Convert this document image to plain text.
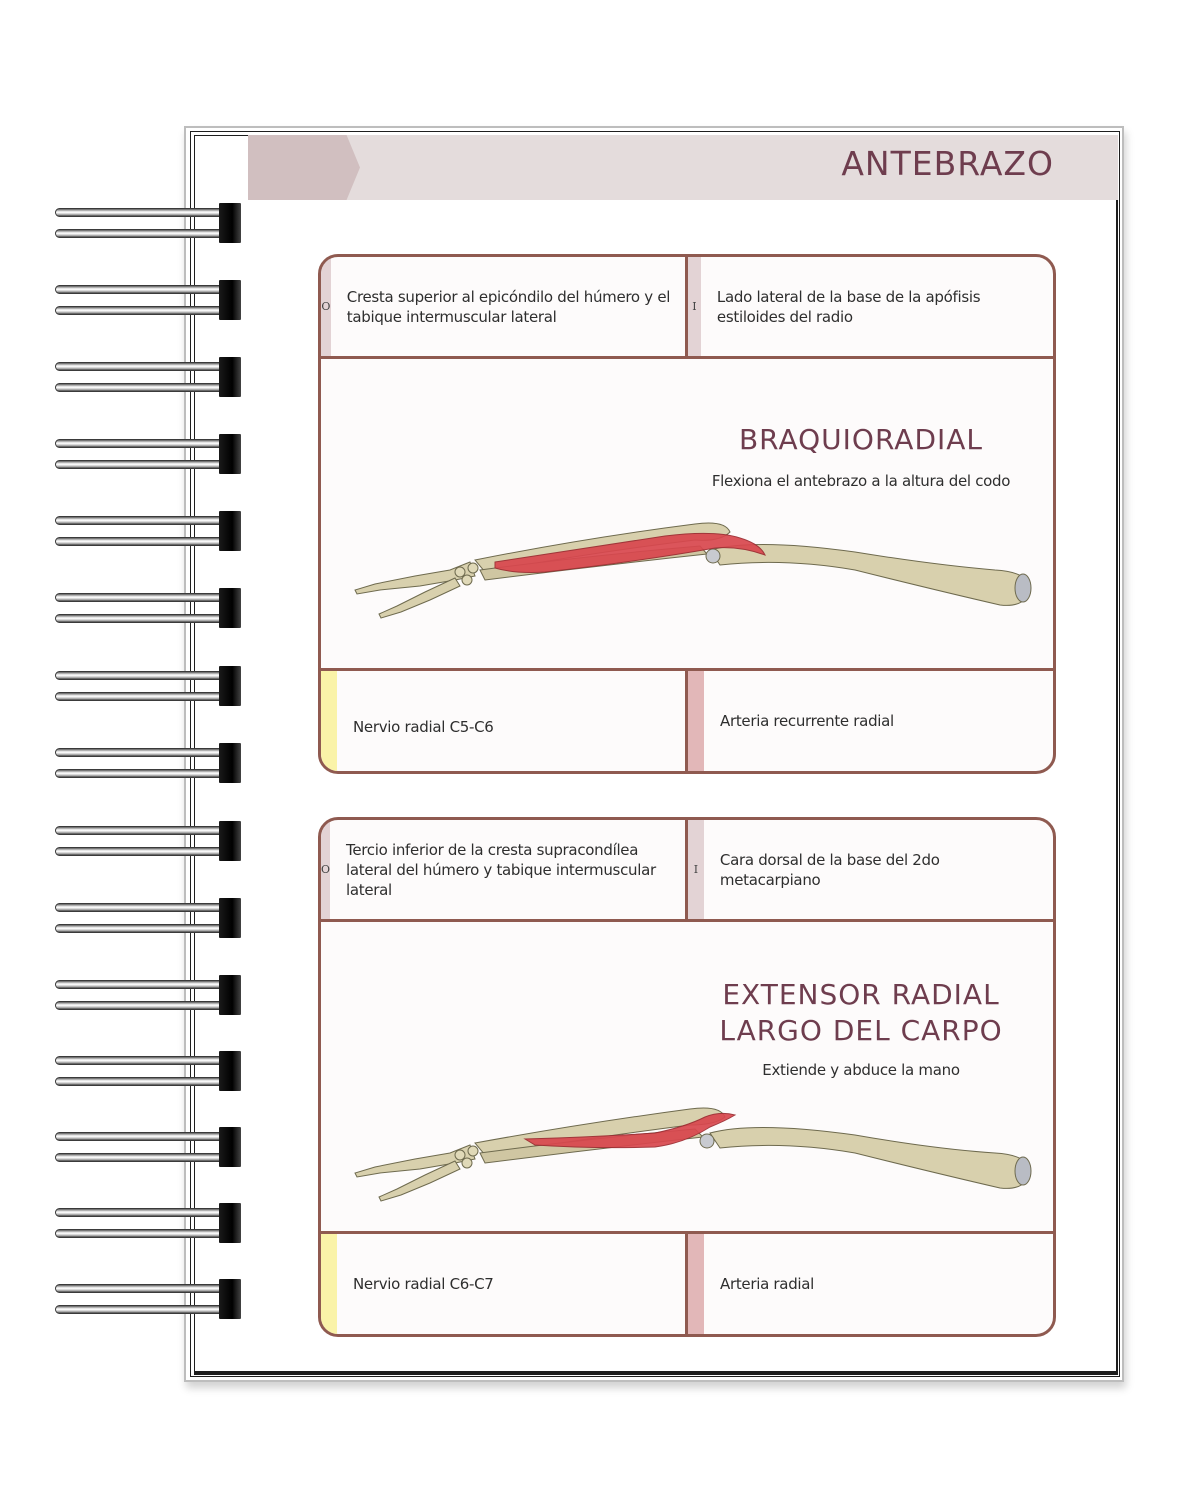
ANTEBRAZO
O
Cresta superior al epicóndilo del húmero y el tabique intermuscular lateral
I
Lado lateral de la base de la apófisis estiloides del radio
BRAQUIORADIAL
Flexiona el antebrazo a la altura del codo
Nervio radial C5-C6	Arteria recurrente radial
O
Tercio inferior de la cresta supracondílea lateral del húmero y tabique intermuscular lateral
I
Cara dorsal de la base del 2do metacarpiano
EXTENSOR RADIAL
LARGO DEL CARPO
Extiende y abduce la mano
Nervio radial C6-C7	Arteria radial
